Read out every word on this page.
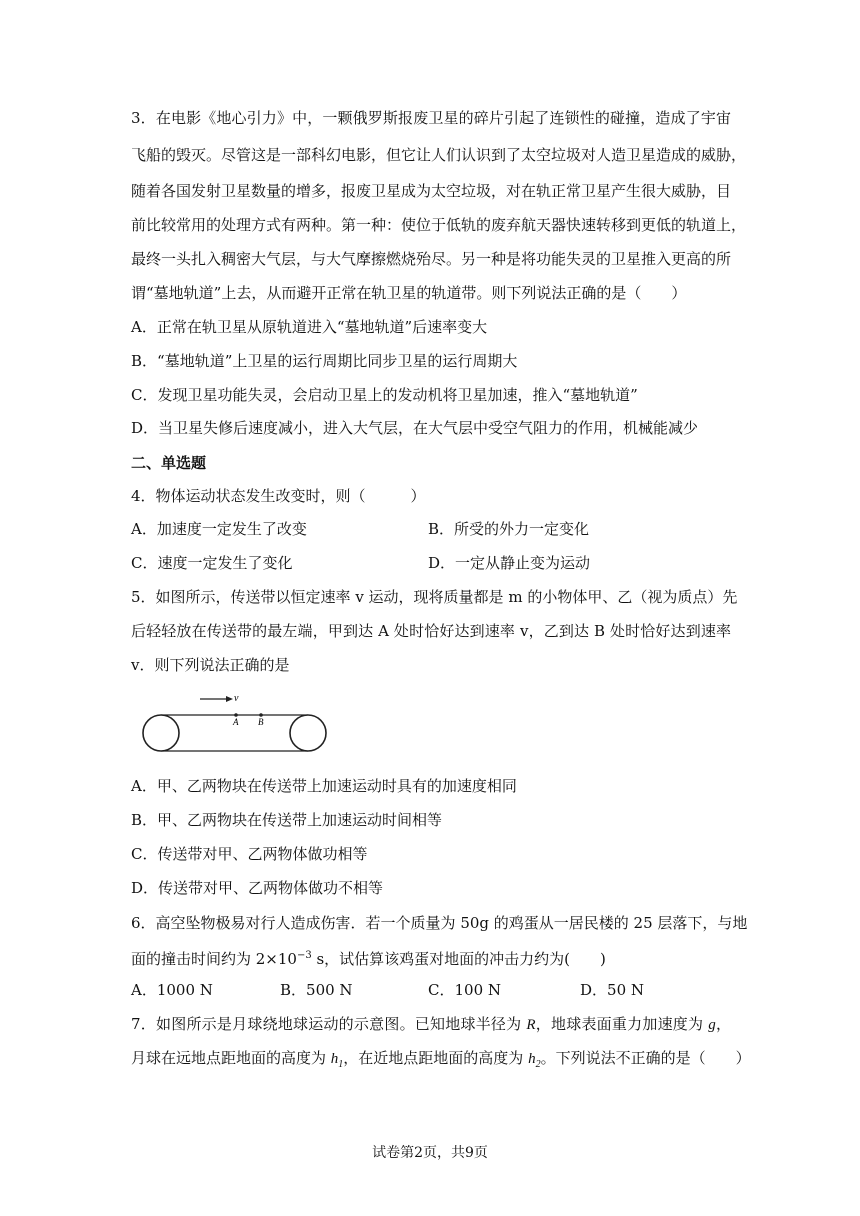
3．在电影《地心引力》中，一颗俄罗斯报废卫星的碎片引起了连锁性的碰撞，造成了宇宙
飞船的毁灭。尽管这是一部科幻电影，但它让人们认识到了太空垃圾对人造卫星造成的威胁，
随着各国发射卫星数量的增多，报废卫星成为太空垃圾，对在轨正常卫星产生很大威胁，目
前比较常用的处理方式有两种。第一种：使位于低轨的废弃航天器快速转移到更低的轨道上，
最终一头扎入稠密大气层，与大气摩擦燃烧殆尽。另一种是将功能失灵的卫星推入更高的所
谓“墓地轨道”上去，从而避开正常在轨卫星的轨道带。则下列说法正确的是（　　）
A．正常在轨卫星从原轨道进入“墓地轨道”后速率变大
B．“墓地轨道”上卫星的运行周期比同步卫星的运行周期大
C．发现卫星功能失灵，会启动卫星上的发动机将卫星加速，推入“墓地轨道”
D．当卫星失修后速度减小，进入大气层，在大气层中受空气阻力的作用，机械能减少
二、单选题
4．物体运动状态发生改变时，则（　　　）
A．加速度一定发生了改变	B．所受的外力一定变化
C．速度一定发生了变化	D．一定从静止变为运动
5．如图所示，传送带以恒定速率 v 运动，现将质量都是 m 的小物体甲、乙（视为质点）先
后轻轻放在传送带的最左端，甲到达 A 处时恰好达到速率 v，乙到达 B 处时恰好达到速率
v．则下列说法正确的是
v
A B
A．甲、乙两物块在传送带上加速运动时具有的加速度相同
B．甲、乙两物块在传送带上加速运动时间相等
C．传送带对甲、乙两物体做功相等
D．传送带对甲、乙两物体做功不相等
6．高空坠物极易对行人造成伤害．若一个质量为 50g 的鸡蛋从一居民楼的 25 层落下，与地
面的撞击时间约为 $2\times 10^{-3}$ s，试估算该鸡蛋对地面的冲击力约为(　　)
A．1000 N	B．500 N	C．100 N	D．50 N
7．如图所示是月球绕地球运动的示意图。已知地球半径为 R，地球表面重力加速度为 g，
月球在远地点距地面的高度为 $h_1$，在近地点距地面的高度为 $h_2$。下列说法不正确的是（　　）
试卷第2页，共9页
